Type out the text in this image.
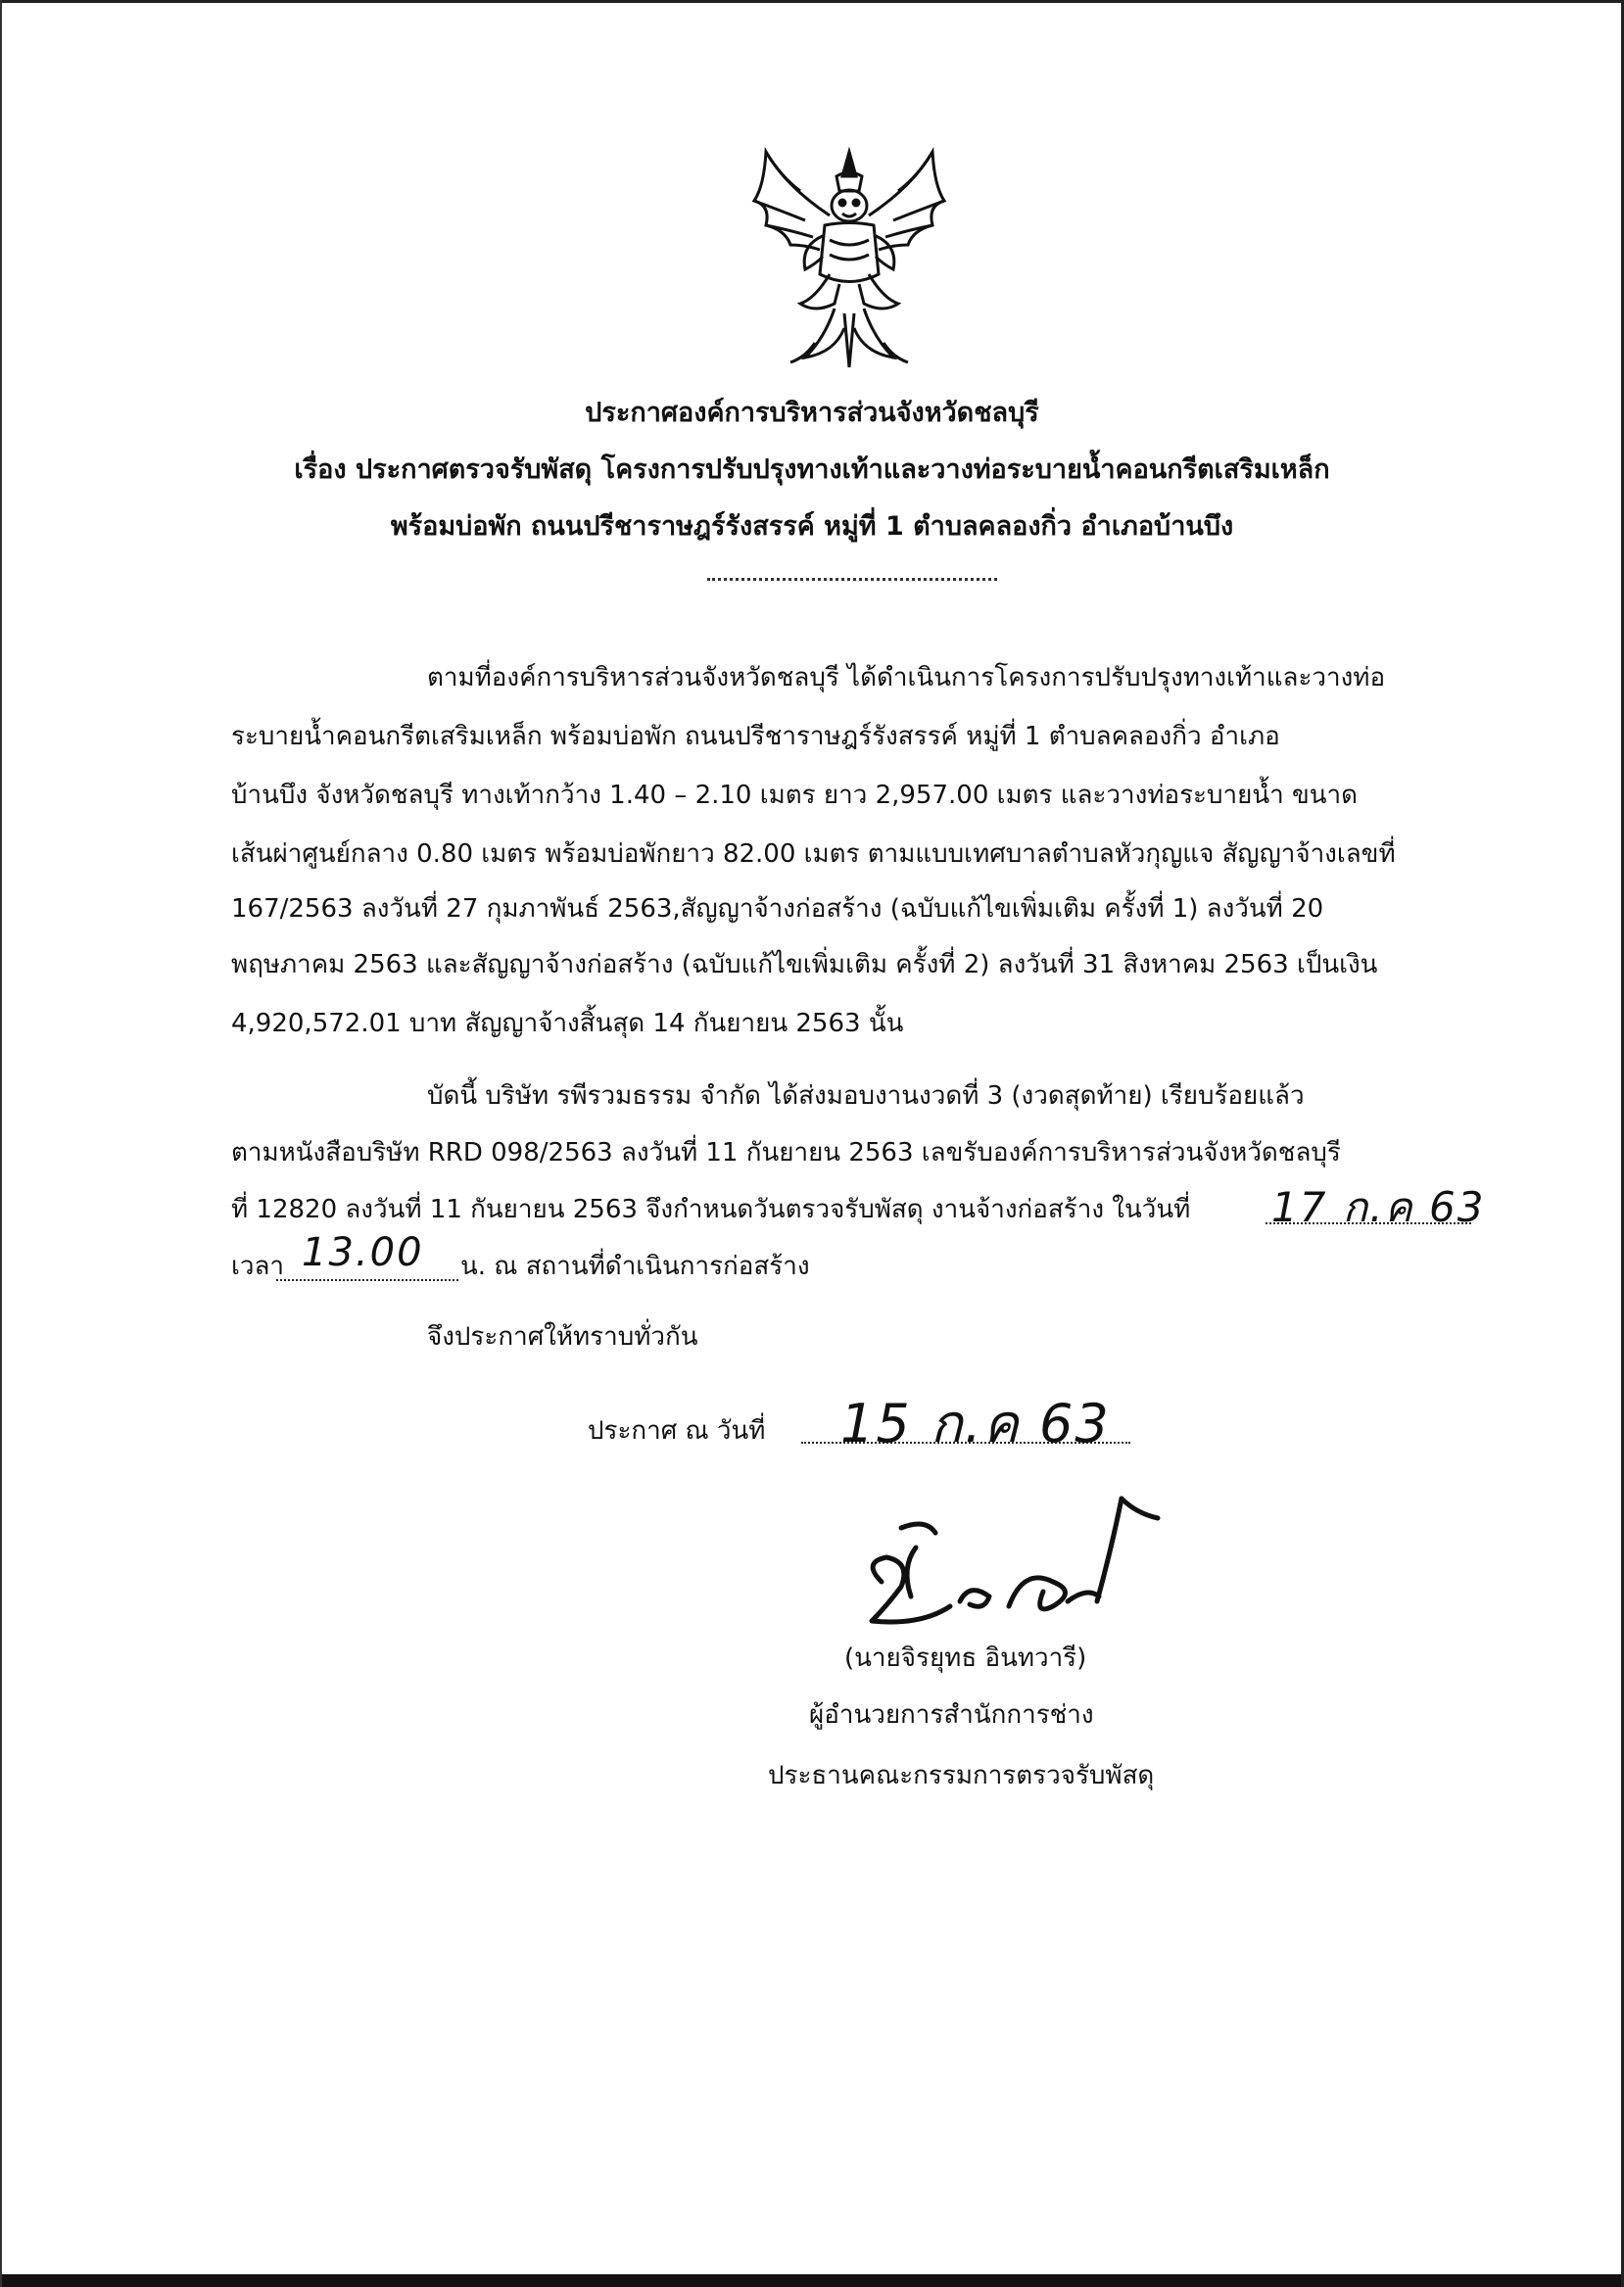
ประกาศองค์การบริหารส่วนจังหวัดชลบุรี
เรื่อง ประกาศตรวจรับพัสดุ โครงการปรับปรุงทางเท้าและวางท่อระบายน้ำคอนกรีตเสริมเหล็ก
พร้อมบ่อพัก ถนนปรีชาราษฎร์รังสรรค์ หมู่ที่ 1 ตำบลคลองกิ่ว อำเภอบ้านบึง
ตามที่องค์การบริหารส่วนจังหวัดชลบุรี ได้ดำเนินการโครงการปรับปรุงทางเท้าและวางท่อ
ระบายน้ำคอนกรีตเสริมเหล็ก พร้อมบ่อพัก ถนนปรีชาราษฎร์รังสรรค์ หมู่ที่ 1 ตำบลคลองกิ่ว อำเภอ
บ้านบึง จังหวัดชลบุรี ทางเท้ากว้าง 1.40 – 2.10 เมตร ยาว 2,957.00 เมตร และวางท่อระบายน้ำ ขนาด
เส้นผ่าศูนย์กลาง 0.80 เมตร พร้อมบ่อพักยาว 82.00 เมตร ตามแบบเทศบาลตำบลหัวกุญแจ สัญญาจ้างเลขที่
167/2563 ลงวันที่ 27 กุมภาพันธ์ 2563,สัญญาจ้างก่อสร้าง (ฉบับแก้ไขเพิ่มเติม ครั้งที่ 1) ลงวันที่ 20
พฤษภาคม 2563 และสัญญาจ้างก่อสร้าง (ฉบับแก้ไขเพิ่มเติม ครั้งที่ 2) ลงวันที่ 31 สิงหาคม 2563 เป็นเงิน
4,920,572.01 บาท สัญญาจ้างสิ้นสุด 14 กันยายน 2563 นั้น
บัดนี้ บริษัท รพีรวมธรรม จำกัด ได้ส่งมอบงานงวดที่ 3 (งวดสุดท้าย) เรียบร้อยแล้ว
ตามหนังสือบริษัท RRD 098/2563 ลงวันที่ 11 กันยายน 2563 เลขรับองค์การบริหารส่วนจังหวัดชลบุรี
ที่ 12820 ลงวันที่ 11 กันยายน 2563 จึงกำหนดวันตรวจรับพัสดุ งานจ้างก่อสร้าง ในวันที่ 17 ก.ค 63
เวลา 13.00 น. ณ สถานที่ดำเนินการก่อสร้าง
จึงประกาศให้ทราบทั่วกัน
ประกาศ ณ วันที่ 15 ก.ค 63
(นายจิรยุทธ อินทวารี)
ผู้อำนวยการสำนักการช่าง
ประธานคณะกรรมการตรวจรับพัสดุ
